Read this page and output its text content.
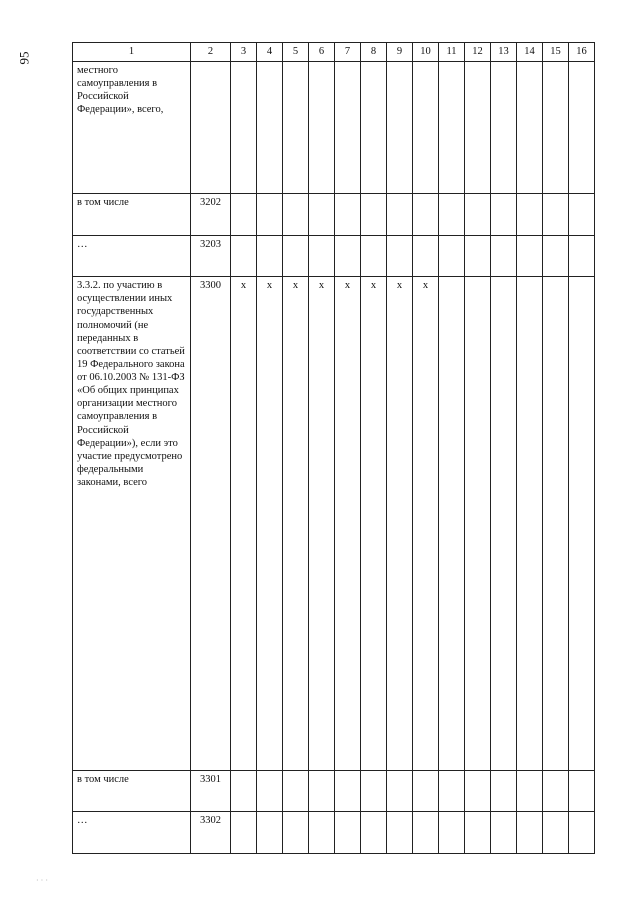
95	1	2	3	4	5	6	7	8	9	10	11	12	13	14	15	16
местного самоуправления в Российской Федерации», всего,															
в том числе	3202														
…	3203														
3.3.2. по участию в осуществлении иных государственных полномочий (не переданных в соответствии со статьей 19 Федерального закона от 06.10.2003 № 131-ФЗ «Об общих принципах организации местного самоуправления в Российской Федерации»), если это участие предусмотрено федеральными законами, всего	3300	x	x	x	x	x	x	x	x						
в том числе	3301														
…	3302														
· · ·
